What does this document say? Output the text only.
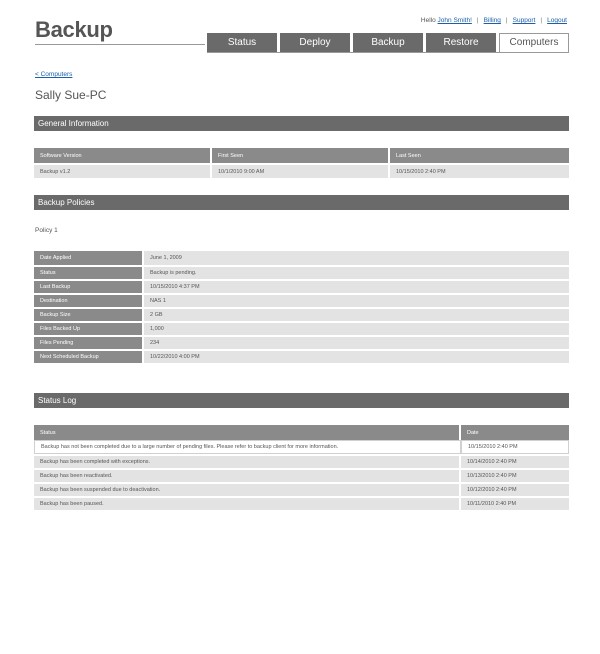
Backup	Hello John Smith! | Billing | Support | Logout
Status	Deploy	Backup	Restore	Computers
< Computers
Sally Sue-PC
General Information
Software Version	First Seen	Last Seen
Backup v1.2	10/1/2010 9:00 AM	10/15/2010 2:40 PM
Backup Policies
Policy 1
Date Applied	June 1, 2009
Status	Backup is pending.
Last Backup	10/15/2010 4:37 PM
Destination	NAS 1
Backup Size	2 GB
Files Backed Up	1,000
Files Pending	234
Next Scheduled Backup	10/22/2010 4:00 PM
Status Log
Status	Date
Backup has not been completed due to a large number of pending files. Please refer to backup client for more information.	10/15/2010 2:40 PM
Backup has been completed with exceptions.	10/14/2010 2:40 PM
Backup has been reactivated.	10/13/2010 2:40 PM
Backup has been suspended due to deactivation.	10/12/2010 2:40 PM
Backup has been paused.	10/11/2010 2:40 PM
